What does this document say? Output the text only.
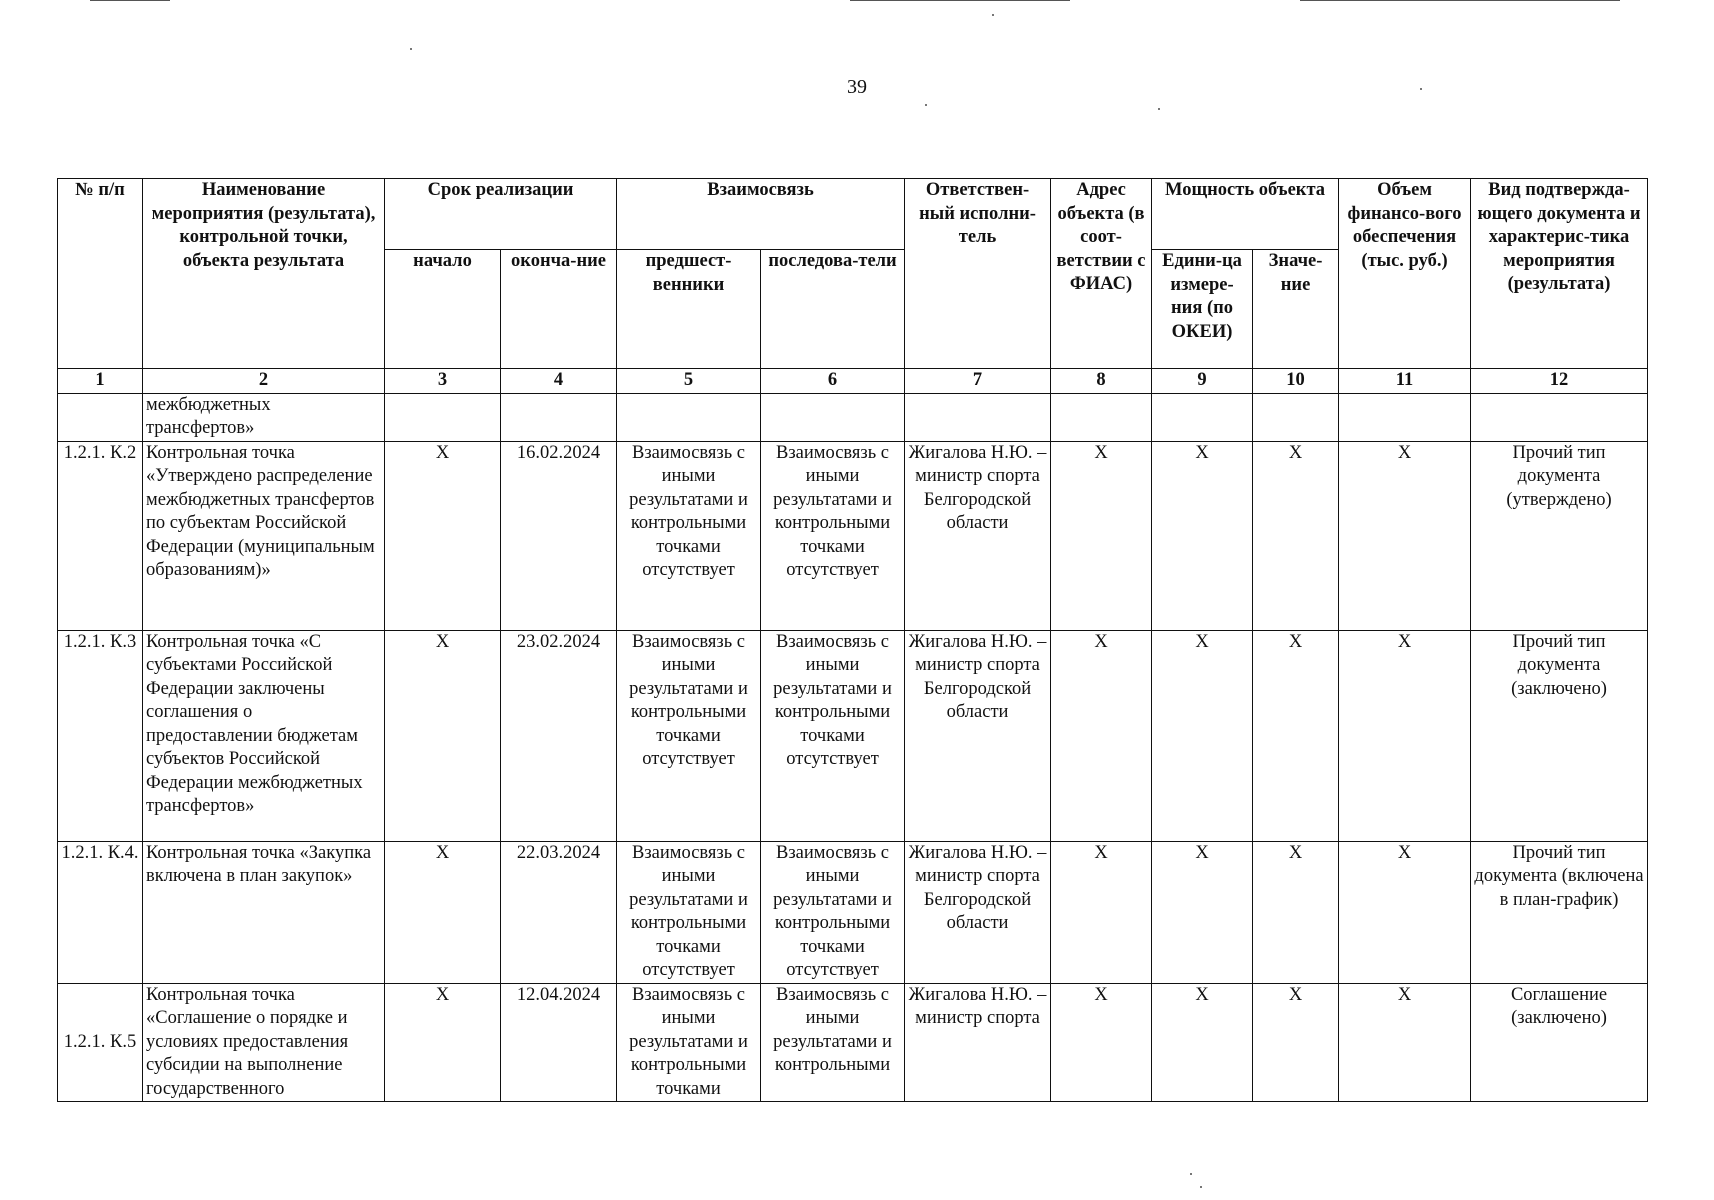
39
№ п/п	Наименование мероприятия (результата), контрольной точки, объекта результата	Срок реализации		Взаимосвязь		Ответствен-ный исполни-тель	Адрес объекта (в соот-ветствии с ФИАС)	Мощность объекта		Объем финансо-вого обеспечения (тыс. руб.)	Вид подтвержда-ющего документа и характерис-тика мероприятия (результата)
		начало	оконча-ние	предшест-венники	последова-тели			Едини-ца измере-ния (по ОКЕИ)	Значе-ние		
1	2	3	4	5	6	7	8	9	10	11	12
	межбюджетных трансфертов»										
1.2.1. К.2	Контрольная точка «Утверждено распределение межбюджетных трансфертов по субъектам Российской Федерации (муниципальным образованиям)»	X	16.02.2024	Взаимосвязь с иными результатами и контрольными точками отсутствует	Взаимосвязь с иными результатами и контрольными точками отсутствует	Жигалова Н.Ю. – министр спорта Белгородской области	X	X	X	X	Прочий тип документа (утверждено)
1.2.1. К.3	Контрольная точка «С субъектами Российской Федерации заключены соглашения о предоставлении бюджетам субъектов Российской Федерации межбюджетных трансфертов»	X	23.02.2024	Взаимосвязь с иными результатами и контрольными точками отсутствует	Взаимосвязь с иными результатами и контрольными точками отсутствует	Жигалова Н.Ю. – министр спорта Белгородской области	X	X	X	X	Прочий тип документа (заключено)
1.2.1. К.4.	Контрольная точка «Закупка включена в план закупок»	X	22.03.2024	Взаимосвязь с иными результатами и контрольными точками отсутствует	Взаимосвязь с иными результатами и контрольными точками отсутствует	Жигалова Н.Ю. – министр спорта Белгородской области	X	X	X	X	Прочий тип документа (включена в план-график)
1.2.1. К.5	Контрольная точка «Соглашение о порядке и условиях предоставления субсидии на выполнение государственного	X	12.04.2024	Взаимосвязь с иными результатами и контрольными точками	Взаимосвязь с иными результатами и контрольными	Жигалова Н.Ю. – министр спорта	X	X	X	X	Соглашение (заключено)
